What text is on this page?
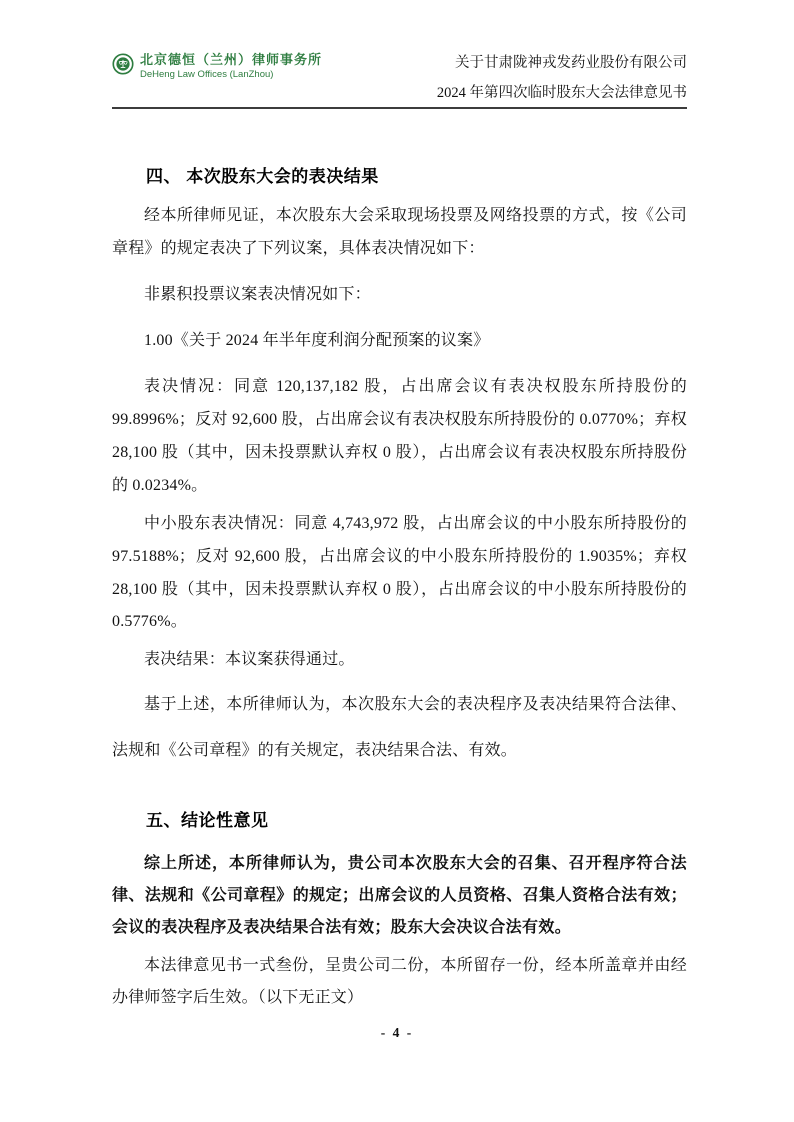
北京德恒（兰州）律师事务所
DeHeng Law Offices (LanZhou)
关于甘肃陇神戎发药业股份有限公司
2024 年第四次临时股东大会法律意见书
四、 本次股东大会的表决结果

经本所律师见证，本次股东大会采取现场投票及网络投票的方式，按《公司章程》的规定表决了下列议案，具体表决情况如下：

非累积投票议案表决情况如下：

1.00《关于 2024 年半年度利润分配预案的议案》

表决情况：同意 120,137,182 股，占出席会议有表决权股东所持股份的 99.8996%；反对 92,600 股，占出席会议有表决权股东所持股份的 0.0770%；弃权 28,100 股（其中，因未投票默认弃权 0 股），占出席会议有表决权股东所持股份的 0.0234%。

中小股东表决情况：同意 4,743,972 股，占出席会议的中小股东所持股份的 97.5188%；反对 92,600 股，占出席会议的中小股东所持股份的 1.9035%；弃权 28,100 股（其中，因未投票默认弃权 0 股），占出席会议的中小股东所持股份的 0.5776%。

表决结果：本议案获得通过。

基于上述，本所律师认为，本次股东大会的表决程序及表决结果符合法律、法规和《公司章程》的有关规定，表决结果合法、有效。

五、结论性意见

综上所述，本所律师认为，贵公司本次股东大会的召集、召开程序符合法律、法规和《公司章程》的规定；出席会议的人员资格、召集人资格合法有效；会议的表决程序及表决结果合法有效；股东大会决议合法有效。

本法律意见书一式叁份，呈贵公司二份，本所留存一份，经本所盖章并由经办律师签字后生效。（以下无正文）

- 4 -
